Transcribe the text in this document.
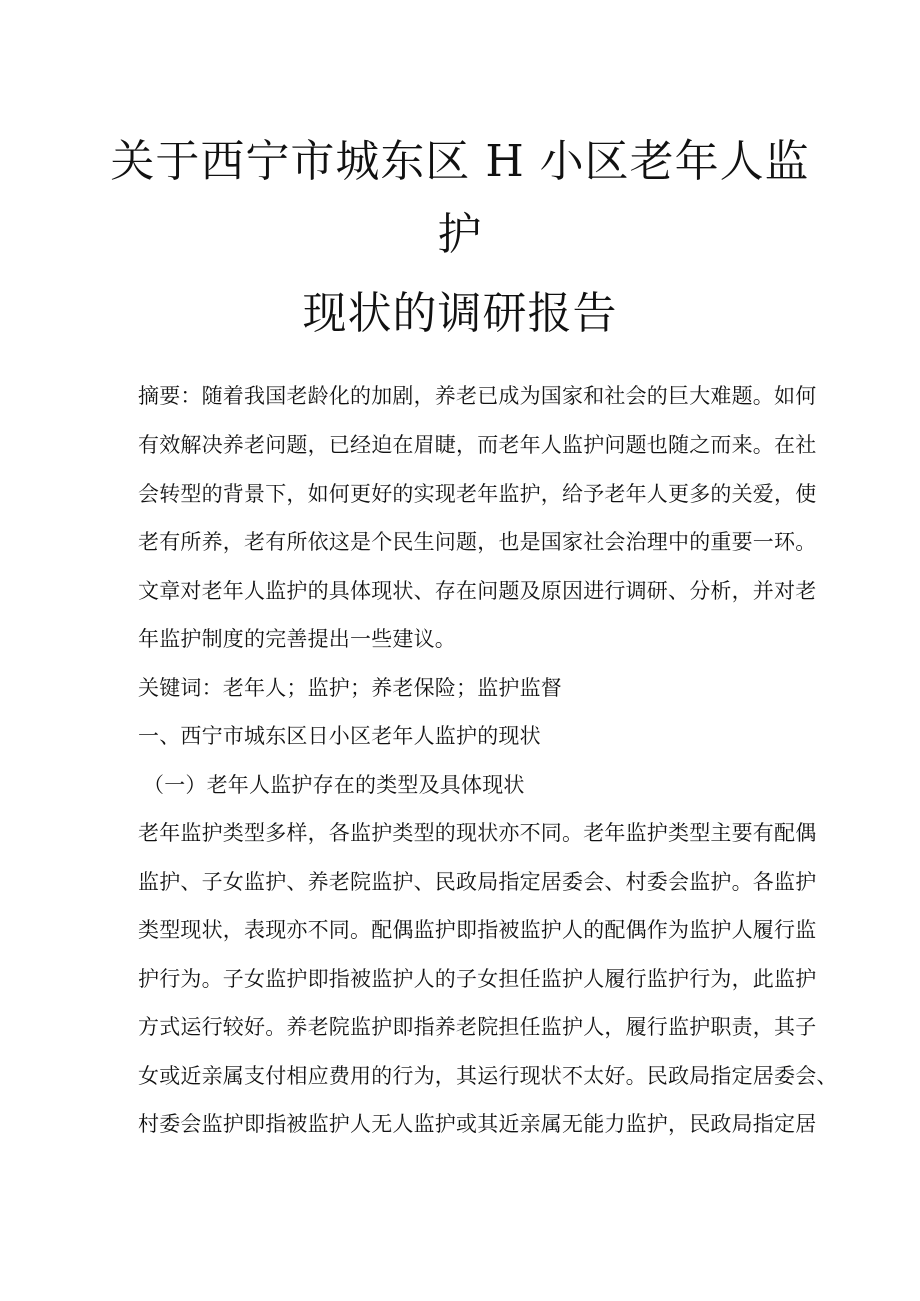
关于西宁市城东区 H 小区老年人监
护
现状的调研报告
摘要：随着我国老龄化的加剧，养老已成为国家和社会的巨大难题。如何
有效解决养老问题，已经迫在眉睫，而老年人监护问题也随之而来。在社
会转型的背景下，如何更好的实现老年监护，给予老年人更多的关爱，使
老有所养，老有所依这是个民生问题，也是国家社会治理中的重要一环。
文章对老年人监护的具体现状、存在问题及原因进行调研、分析，并对老
年监护制度的完善提出一些建议。
关键词：老年人；监护；养老保险；监护监督
一、西宁市城东区日小区老年人监护的现状
（一）老年人监护存在的类型及具体现状
老年监护类型多样，各监护类型的现状亦不同。老年监护类型主要有配偶
监护、子女监护、养老院监护、民政局指定居委会、村委会监护。各监护
类型现状，表现亦不同。配偶监护即指被监护人的配偶作为监护人履行监
护行为。子女监护即指被监护人的子女担任监护人履行监护行为，此监护
方式运行较好。养老院监护即指养老院担任监护人，履行监护职责，其子
女或近亲属支付相应费用的行为，其运行现状不太好。民政局指定居委会、
村委会监护即指被监护人无人监护或其近亲属无能力监护，民政局指定居
